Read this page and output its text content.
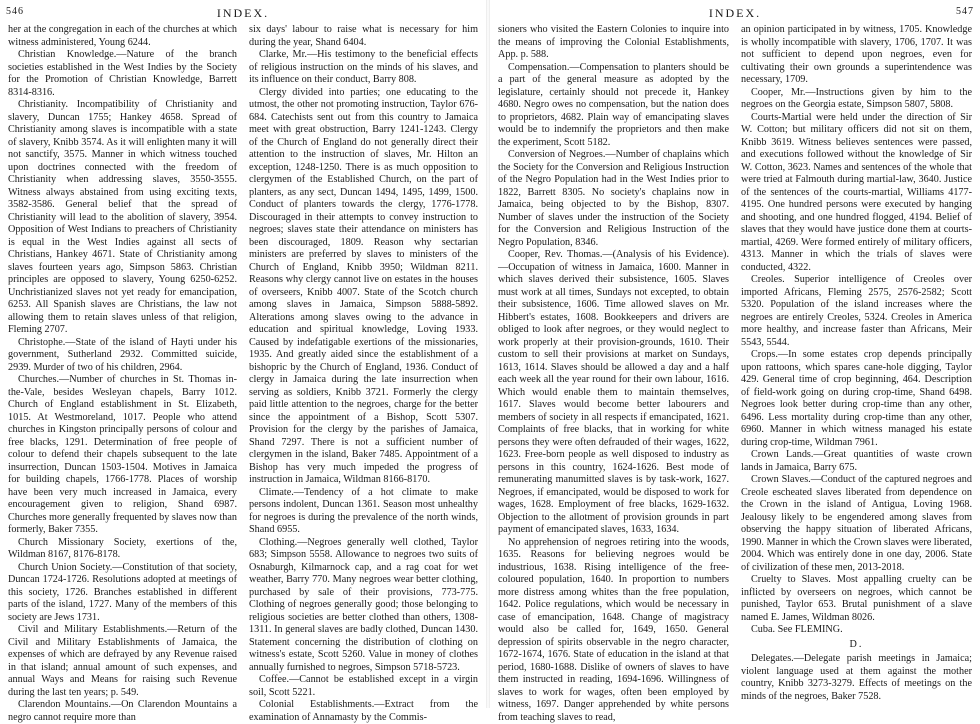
546	INDEX.

her at the congregation in each of the churches at which witness administered, Young 6244.

Christian Knowledge.—Nature of the branch societies established in the West Indies by the Society for the Promotion of Christian Knowledge, Barrett 8314-8316.

Christianity. Incompatibility of Christianity and slavery, Duncan 1755; Hankey 4658. Spread of Christianity among slaves is incompatible with a state of slavery, Knibb 3574. As it will enlighten many it will not sanctify, 3575. Manner in which witness touched upon doctrines connected with the freedom of Christianity when addressing slaves, 3550-3555. Witness always abstained from using exciting texts, 3582-3586. General belief that the spread of Christianity will lead to the abolition of slavery, 3954. Opposition of West Indians to preachers of Christianity is equal in the West Indies against all sects of Christians, Hankey 4671. State of Christianity among slaves fourteen years ago, Simpson 5863. Christian principles are opposed to slavery, Young 6250-6252. Unchristianized slaves not yet ready for emancipation, 6253. All Spanish slaves are Christians, the law not allowing them to retain slaves unless of that religion, Fleming 2707.

Christophe.—State of the island of Hayti under his government, Sutherland 2932. Committed suicide, 2939. Murder of two of his children, 2964.

Churches.—Number of churches in St. Thomas in-the-Vale, besides Wesleyan chapels, Barry 1012. Church of England establishment in St. Elizabeth, 1015. At Westmoreland, 1017. People who attend churches in Kingston principally persons of colour and free blacks, 1291. Determination of free people of colour to defend their chapels subsequent to the late insurrection, Duncan 1503-1504. Motives in Jamaica for building chapels, 1766-1778. Places of worship have been very much increased in Jamaica, every encouragement given to religion, Shand 6987. Churches more generally frequented by slaves now than formerly, Baker 7355.

Church Missionary Society, exertions of the, Wildman 8167, 8176-8178.

Church Union Society.—Constitution of that society, Duncan 1724-1726. Resolutions adopted at meetings of this society, 1726. Branches established in different parts of the island, 1727. Many of the members of this society are Jews 1731.

Civil and Military Establishments.—Return of the Civil and Military Establishments of Jamaica, the expenses of which are defrayed by any Revenue raised in that island; annual amount of such expenses, and annual Ways and Means for raising such Revenue during the last ten years; p. 549.

Clarendon Mountains.—On Clarendon Mountains a negro cannot require more than

six days' labour to raise what is necessary for him during the year, Shand 6404.

Clarke, Mr.—His testimony to the beneficial effects of religious instruction on the minds of his slaves, and its influence on their conduct, Barry 808.

Clergy divided into parties; one educating to the utmost, the other not promoting instruction, Taylor 676-684. Catechists sent out from this country to Jamaica meet with great obstruction, Barry 1241-1243. Clergy of the Church of England do not generally direct their attention to the instruction of slaves, Mr. Hilton an exception, 1248-1250. There is as much opposition to clergymen of the Established Church, on the part of planters, as any sect, Duncan 1494, 1495, 1499, 1500. Conduct of planters towards the clergy, 1776-1778. Discouraged in their attempts to convey instruction to negroes; slaves state their attendance on ministers has been discouraged, 1809. Reason why sectarian ministers are preferred by slaves to ministers of the Church of England, Knibb 3950; Wildman 8211. Reasons why clergy cannot live on estates in the houses of overseers, Knibb 4007. State of the Scotch church among slaves in Jamaica, Simpson 5888-5892. Alterations among slaves owing to the advance in education and spiritual knowledge, Loving 1933. Caused by indefatigable exertions of the missionaries, 1935. And greatly aided since the establishment of a bishopric by the Church of England, 1936. Conduct of clergy in Jamaica during the late insurrection when serving as soldiers, Knibb 3721. Formerly the clergy paid little attention to the negroes, charge for the better since the appointment of a Bishop, Scott 5307. Provision for the clergy by the parishes of Jamaica, Shand 7297. There is not a sufficient number of clergymen in the island, Baker 7485. Appointment of a Bishop has very much impeded the progress of instruction in Jamaica, Wildman 8166-8170.

Climate.—Tendency of a hot climate to make persons indolent, Duncan 1361. Season most unhealthy for negroes is during the prevalence of the north winds, Shand 6955.

Clothing.—Negroes generally well clothed, Taylor 683; Simpson 5558. Allowance to negroes two suits of Osnaburgh, Kilmarnock cap, and a rag coat for wet weather, Barry 770. Many negroes wear better clothing, purchased by sale of their provisions, 773-775. Clothing of negroes generally good; those belonging to religious societies are better clothed than others, 1308-1311. In general slaves are badly clothed, Duncan 1430. Statement concerning the distribution of clothing on witness's estate, Scott 5260. Value in money of clothes annually furnished to negroes, Simpson 5718-5723.

Coffee.—Cannot be established except in a virgin soil, Scott 5221.

Colonial Establishments.—Extract from the examination of Annamasty by the Commis-

INDEX.	547

sioners who visited the Eastern Colonies to inquire into the means of improving the Colonial Establishments, App. p. 588.

Compensation.—Compensation to planters should be a part of the general measure as adopted by the legislature, certainly should not precede it, Hankey 4680. Negro owes no compensation, but the nation does to proprietors, 4682. Plain way of emancipating slaves would be to indemnify the proprietors and then make the experiment, Scott 5182.

Conversion of Negroes.—Number of chaplains which the Society for the Conversion and Religious Instruction of the Negro Population had in the West Indies prior to 1822, Barrett 8305. No society's chaplains now in Jamaica, being objected to by the Bishop, 8307. Number of slaves under the instruction of the Society for the Conversion and Religious Instruction of the Negro Population, 8346.

Cooper, Rev. Thomas.—(Analysis of his Evidence).—Occupation of witness in Jamaica, 1600. Manner in which slaves derived their subsistence, 1605. Slaves must work at all times, Sundays not excepted, to obtain their subsistence, 1606. Time allowed slaves on Mr. Hibbert's estates, 1608. Bookkeepers and drivers are obliged to look after negroes, or they would neglect to work properly at their provision-grounds, 1610. Their custom to sell their provisions at market on Sundays, 1613, 1614. Slaves should be allowed a day and a half each week all the year round for their own labour, 1616. Which would enable them to maintain themselves, 1617. Slaves would become better labourers and members of society in all respects if emancipated, 1621. Complaints of free blacks, that in working for white persons they were often defrauded of their wages, 1622, 1623. Free-born people as well disposed to industry as persons in this country, 1624-1626. Best mode of remunerating manumitted slaves is by task-work, 1627. Negroes, if emancipated, would be disposed to work for wages, 1628. Employment of free blacks, 1629-1632. Objection to the allotment of provision grounds in part payment of emancipated slaves, 1633, 1634.

No apprehension of negroes retiring into the woods, 1635. Reasons for believing negroes would be industrious, 1638. Rising intelligence of the free-coloured population, 1640. In proportion to numbers more distress among whites than the free population, 1642. Police regulations, which would be necessary in case of emancipation, 1648. Change of magistracy would also be called for, 1649, 1650. General depression of spirits observable in the negro character, 1672-1674, 1676. State of education in the island at that period, 1680-1688. Dislike of owners of slaves to have them instructed in reading, 1694-1696. Willingness of slaves to work for wages, often been employed by witness, 1697. Danger apprehended by white persons from teaching slaves to read,

an opinion participated in by witness, 1705. Knowledge is wholly incompatible with slavery, 1706, 1707. It was not sufficient to depend upon negroes, even for cultivating their own grounds a superintendence was necessary, 1709.

Cooper, Mr.—Instructions given by him to the negroes on the Georgia estate, Simpson 5807, 5808.

Courts-Martial were held under the direction of Sir W. Cotton; but military officers did not sit on them, Knibb 3619. Witness believes sentences were passed, and executions followed without the knowledge of Sir W. Cotton, 3623. Names and sentences of the whole that were tried at Falmouth during martial-law, 3640. Justice of the sentences of the courts-martial, Williams 4177-4195. One hundred persons were executed by hanging and shooting, and one hundred flogged, 4194. Belief of slaves that they would have justice done them at courts-martial, 4269. Were formed entirely of military officers, 4313. Manner in which the trials of slaves were conducted, 4322.

Creoles. Superior intelligence of Creoles over imported Africans, Fleming 2575, 2576-2582; Scott 5320. Population of the island increases where the negroes are entirely Creoles, 5324. Creoles in America more healthy, and increase faster than Africans, Meir 5543, 5544.

Crops.—In some estates crop depends principally upon rattoons, which spares cane-hole digging, Taylor 429. General time of crop beginning, 464. Description of field-work going on during crop-time, Shand 6498. Negroes look better during crop-time than any other, 6496. Less mortality during crop-time than any other, 6960. Manner in which witness managed his estate during crop-time, Wildman 7961.

Crown Lands.—Great quantities of waste crown lands in Jamaica, Barry 675.

Crown Slaves.—Conduct of the captured negroes and Creole escheated slaves liberated from dependence on the Crown in the island of Antigua, Loving 1968. Jealousy likely to be engendered among slaves from observing the happy situation of liberated Africans, 1990. Manner in which the Crown slaves were liberated, 2004. Which was entirely done in one day, 2006. State of civilization of these men, 2013-2018.

Cruelty to Slaves. Most appalling cruelty can be inflicted by overseers on negroes, which cannot be punished, Taylor 653. Brutal punishment of a slave named E. James, Wildman 8026.

Cuba. See FLEMING.

D.

Delegates.—Delegate parish meetings in Jamaica; violent language used at them against the mother country, Knibb 3273-3279. Effects of meetings on the minds of the negroes, Baker 7528.
